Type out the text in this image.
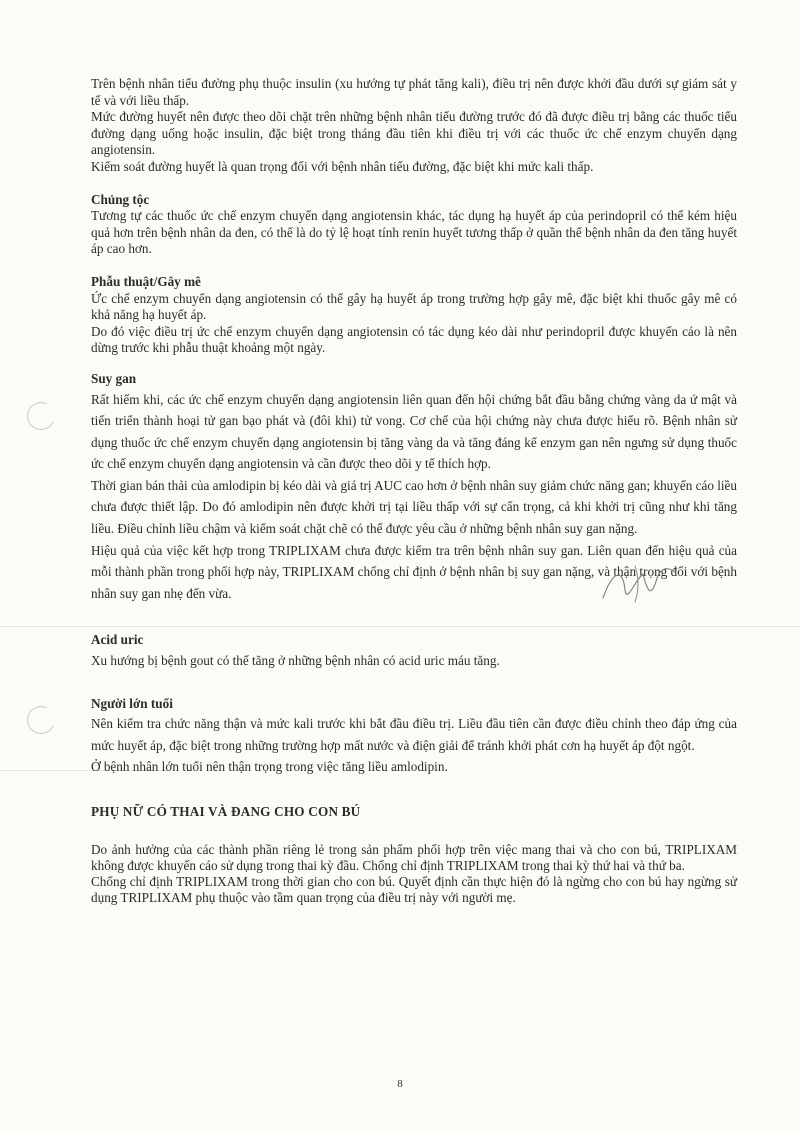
Trên bệnh nhân tiểu đường phụ thuộc insulin (xu hướng tự phát tăng kali), điều trị nên được khởi đầu dưới sự giám sát y tế và với liều thấp.

Mức đường huyết nên được theo dõi chặt trên những bệnh nhân tiểu đường trước đó đã được điều trị bằng các thuốc tiểu đường dạng uống hoặc insulin, đặc biệt trong tháng đầu tiên khi điều trị với các thuốc ức chế enzym chuyển dạng angiotensin.

Kiểm soát đường huyết là quan trọng đối với bệnh nhân tiểu đường, đặc biệt khi mức kali thấp.

Chủng tộc

Tương tự các thuốc ức chế enzym chuyển dạng angiotensin khác, tác dụng hạ huyết áp của perindopril có thể kém hiệu quả hơn trên bệnh nhân da đen, có thể là do tỷ lệ hoạt tính renin huyết tương thấp ở quần thể bệnh nhân da đen tăng huyết áp cao hơn.

Phẫu thuật/Gây mê

Ức chế enzym chuyển dạng angiotensin có thể gây hạ huyết áp trong trường hợp gây mê, đặc biệt khi thuốc gây mê có khả năng hạ huyết áp.

Do đó việc điều trị ức chế enzym chuyển dạng angiotensin có tác dụng kéo dài như perindopril được khuyến cáo là nên dừng trước khi phẫu thuật khoảng một ngày.

Suy gan

Rất hiếm khi, các ức chế enzym chuyển dạng angiotensin liên quan đến hội chứng bắt đầu bằng chứng vàng da ứ mật và tiến triển thành hoại tử gan bạo phát và (đôi khi) tử vong. Cơ chế của hội chứng này chưa được hiểu rõ. Bệnh nhân sử dụng thuốc ức chế enzym chuyển dạng angiotensin bị tăng vàng da và tăng đáng kể enzym gan nên ngưng sử dụng thuốc ức chế enzym chuyển dạng angiotensin và cần được theo dõi y tế thích hợp.

Thời gian bán thải của amlodipin bị kéo dài và giá trị AUC cao hơn ở bệnh nhân suy giảm chức năng gan; khuyến cáo liều chưa được thiết lập. Do đó amlodipin nên được khởi trị tại liều thấp với sự cẩn trọng, cả khi khởi trị cũng như khi tăng liều. Điều chỉnh liều chậm và kiểm soát chặt chẽ có thể được yêu cầu ở những bệnh nhân suy gan nặng.

Hiệu quả của việc kết hợp trong TRIPLIXAM chưa được kiểm tra trên bệnh nhân suy gan. Liên quan đến hiệu quả của mỗi thành phần trong phối hợp này, TRIPLIXAM chống chỉ định ở bệnh nhân bị suy gan nặng, và thận trọng đối với bệnh nhân suy gan nhẹ đến vừa.

Acid uric

Xu hướng bị bệnh gout có thể tăng ở những bệnh nhân có acid uric máu tăng.

Người lớn tuổi

Nên kiểm tra chức năng thận và mức kali trước khi bắt đầu điều trị. Liều đầu tiên cần được điều chỉnh theo đáp ứng của mức huyết áp, đặc biệt trong những trường hợp mất nước và điện giải để tránh khởi phát cơn hạ huyết áp đột ngột.

Ở bệnh nhân lớn tuổi nên thận trọng trong việc tăng liều amlodipin.

PHỤ NỮ CÓ THAI VÀ ĐANG CHO CON BÚ

Do ảnh hưởng của các thành phần riêng lẻ trong sản phẩm phối hợp trên việc mang thai và cho con bú, TRIPLIXAM không được khuyến cáo sử dụng trong thai kỳ đầu. Chống chỉ định TRIPLIXAM trong thai kỳ thứ hai và thứ ba.

Chống chỉ định TRIPLIXAM trong thời gian cho con bú. Quyết định cần thực hiện đó là ngừng cho con bú hay ngừng sử dụng TRIPLIXAM phụ thuộc vào tầm quan trọng của điều trị này với người mẹ.

8
